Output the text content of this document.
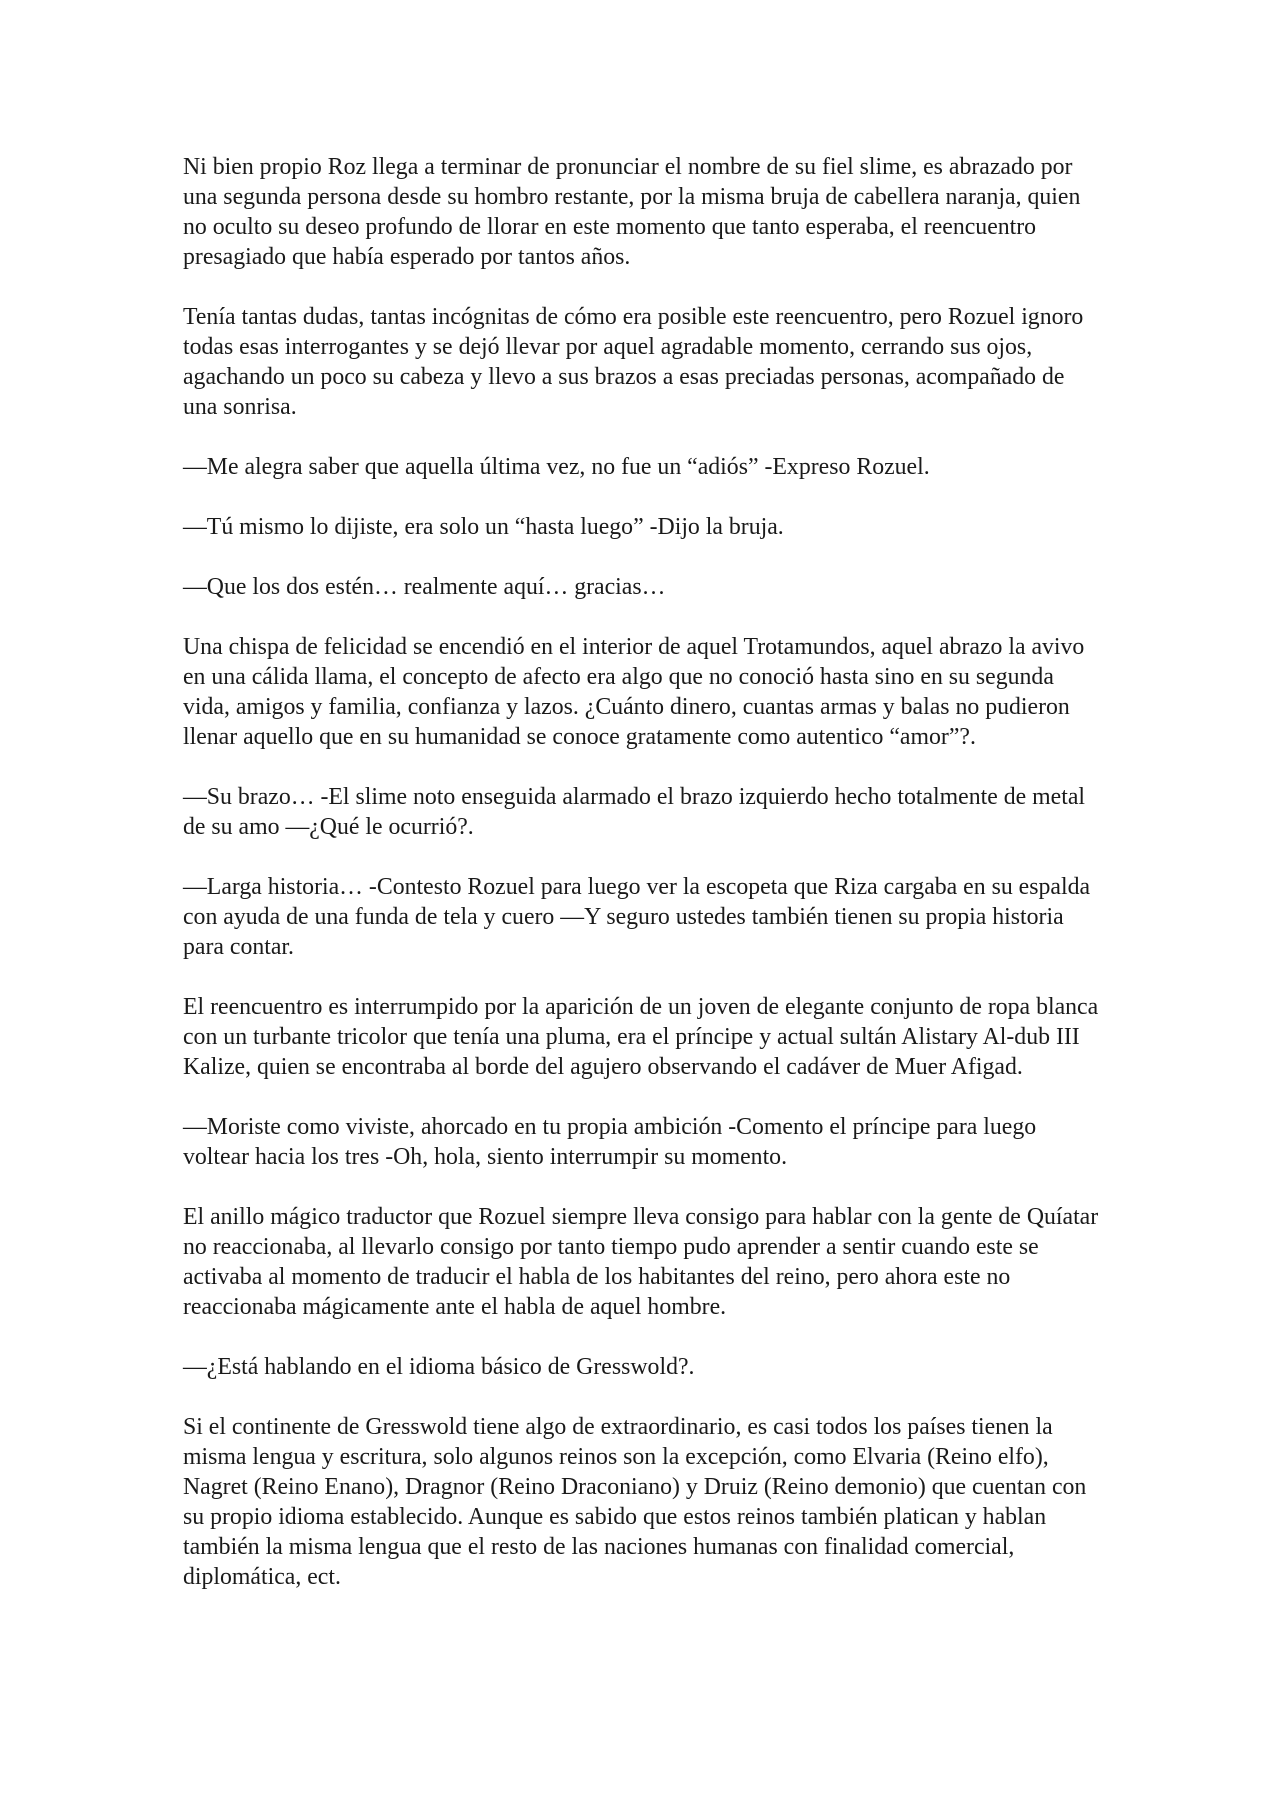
Ni bien propio Roz llega a terminar de pronunciar el nombre de su fiel slime, es abrazado por una segunda persona desde su hombro restante, por la misma bruja de cabellera naranja, quien no oculto su deseo profundo de llorar en este momento que tanto esperaba, el reencuentro presagiado que había esperado por tantos años.

Tenía tantas dudas, tantas incógnitas de cómo era posible este reencuentro, pero Rozuel ignoro todas esas interrogantes y se dejó llevar por aquel agradable momento, cerrando sus ojos, agachando un poco su cabeza y llevo a sus brazos a esas preciadas personas, acompañado de una sonrisa.

—Me alegra saber que aquella última vez, no fue un “adiós” -Expreso Rozuel.

—Tú mismo lo dijiste, era solo un “hasta luego” -Dijo la bruja.

—Que los dos estén… realmente aquí… gracias…

Una chispa de felicidad se encendió en el interior de aquel Trotamundos, aquel abrazo la avivo en una cálida llama, el concepto de afecto era algo que no conoció hasta sino en su segunda vida, amigos y familia, confianza y lazos. ¿Cuánto dinero, cuantas armas y balas no pudieron llenar aquello que en su humanidad se conoce gratamente como autentico “amor”?.

—Su brazo… -El slime noto enseguida alarmado el brazo izquierdo hecho totalmente de metal de su amo —¿Qué le ocurrió?.

—Larga historia… -Contesto Rozuel para luego ver la escopeta que Riza cargaba en su espalda con ayuda de una funda de tela y cuero —Y seguro ustedes también tienen su propia historia para contar.

El reencuentro es interrumpido por la aparición de un joven de elegante conjunto de ropa blanca con un turbante tricolor que tenía una pluma, era el príncipe y actual sultán Alistary Al-dub III Kalize, quien se encontraba al borde del agujero observando el cadáver de Muer Afigad.

—Moriste como viviste, ahorcado en tu propia ambición -Comento el príncipe para luego voltear hacia los tres -Oh, hola, siento interrumpir su momento.

El anillo mágico traductor que Rozuel siempre lleva consigo para hablar con la gente de Quíatar no reaccionaba, al llevarlo consigo por tanto tiempo pudo aprender a sentir cuando este se activaba al momento de traducir el habla de los habitantes del reino, pero ahora este no reaccionaba mágicamente ante el habla de aquel hombre.

—¿Está hablando en el idioma básico de Gresswold?.

Si el continente de Gresswold tiene algo de extraordinario, es casi todos los países tienen la misma lengua y escritura, solo algunos reinos son la excepción, como Elvaria (Reino elfo), Nagret (Reino Enano), Dragnor (Reino Draconiano) y Druiz (Reino demonio) que cuentan con su propio idioma establecido. Aunque es sabido que estos reinos también platican y hablan también la misma lengua que el resto de las naciones humanas con finalidad comercial, diplomática, ect.
